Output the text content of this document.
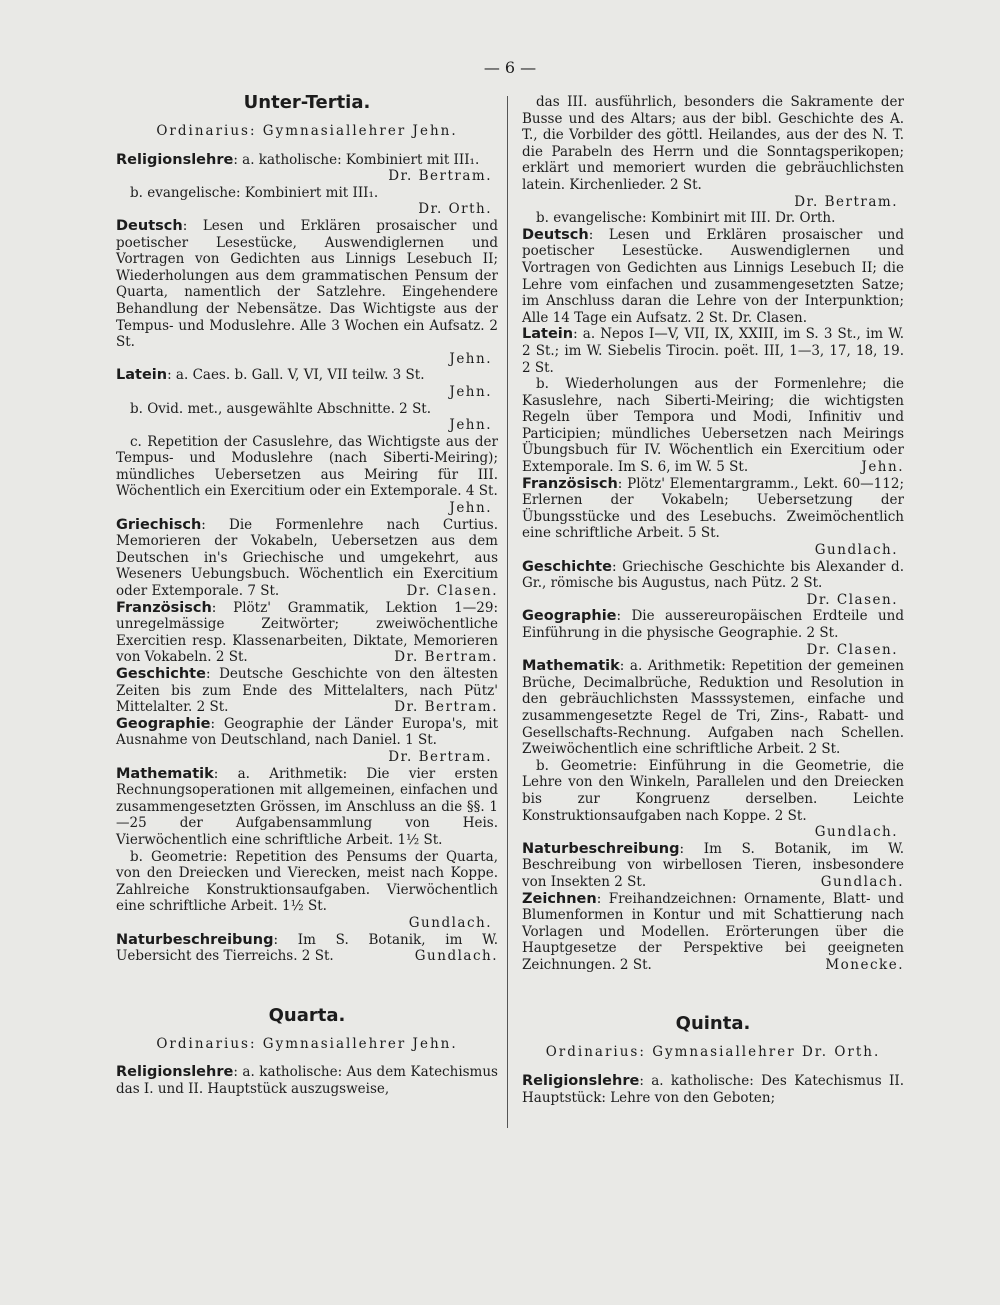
— 6 —
Unter-Tertia.
Ordinarius: Gymnasiallehrer Jehn.

Religionslehre: a. katholische: Kombiniert mit III₁.

Dr. Bertram.

b. evangelische: Kombiniert mit III₁.

Dr. Orth.

Deutsch: Lesen und Erklären prosaischer und poetischer Lesestücke, Auswendiglernen und Vortragen von Gedichten aus Linnigs Lesebuch II; Wiederholungen aus dem grammatischen Pensum der Quarta, namentlich der Satzlehre. Eingehendere Behandlung der Nebensätze. Das Wichtigste aus der Tempus- und Moduslehre. Alle 3 Wochen ein Aufsatz. 2 St.

Jehn.

Latein: a. Caes. b. Gall. V, VI, VII teilw. 3 St.

Jehn.

b. Ovid. met., ausgewählte Abschnitte. 2 St.

Jehn.

c. Repetition der Casuslehre, das Wichtigste aus der Tempus- und Moduslehre (nach Siberti-Meiring); mündliches Uebersetzen aus Meiring für III. Wöchentlich ein Exercitium oder ein Extemporale. 4 St.

Jehn.

Griechisch: Die Formenlehre nach Curtius. Memorieren der Vokabeln, Uebersetzen aus dem Deutschen in's Griechische und umgekehrt, aus Weseners Uebungsbuch. Wöchentlich ein Exercitium oder Extemporale. 7 St.	Dr. Clasen.

Französisch: Plötz' Grammatik, Lektion 1—29: unregelmässige Zeitwörter; zweiwöchentliche Exercitien resp. Klassenarbeiten, Diktate, Memorieren von Vokabeln. 2 St.	Dr. Bertram.

Geschichte: Deutsche Geschichte von den ältesten Zeiten bis zum Ende des Mittelalters, nach Pütz' Mittelalter. 2 St.	Dr. Bertram.

Geographie: Geographie der Länder Europa's, mit Ausnahme von Deutschland, nach Daniel. 1 St.

Dr. Bertram.

Mathematik: a. Arithmetik: Die vier ersten Rechnungsoperationen mit allgemeinen, einfachen und zusammengesetzten Grössen, im Anschluss an die §§. 1—25 der Aufgabensammlung von Heis. Vierwöchentlich eine schriftliche Arbeit. 1½ St.

b. Geometrie: Repetition des Pensums der Quarta, von den Dreiecken und Vierecken, meist nach Koppe. Zahlreiche Konstruktionsaufgaben. Vierwöchentlich eine schriftliche Arbeit. 1½ St.

Gundlach.

Naturbeschreibung: Im S. Botanik, im W. Uebersicht des Tierreichs. 2 St.	Gundlach.

Quarta.
Ordinarius: Gymnasiallehrer Jehn.

Religionslehre: a. katholische: Aus dem Katechismus das I. und II. Hauptstück auszugsweise,

das III. ausführlich, besonders die Sakramente der Busse und des Altars; aus der bibl. Geschichte des A. T., die Vorbilder des göttl. Heilandes, aus der des N. T. die Parabeln des Herrn und die Sonntagsperikopen; erklärt und memoriert wurden die gebräuchlichsten latein. Kirchenlieder. 2 St.

Dr. Bertram.

b. evangelische: Kombinirt mit III. Dr. Orth.

Deutsch: Lesen und Erklären prosaischer und poetischer Lesestücke. Auswendiglernen und Vortragen von Gedichten aus Linnigs Lesebuch II; die Lehre vom einfachen und zusammengesetzten Satze; im Anschluss daran die Lehre von der Interpunktion; Alle 14 Tage ein Aufsatz. 2 St. Dr. Clasen.

Latein: a. Nepos I—V, VII, IX, XXIII, im S. 3 St., im W. 2 St.; im W. Siebelis Tirocin. poët. III, 1—3, 17, 18, 19. 2 St.

b. Wiederholungen aus der Formenlehre; die Kasuslehre, nach Siberti-Meiring; die wichtigsten Regeln über Tempora und Modi, Infinitiv und Participien; mündliches Uebersetzen nach Meirings Übungsbuch für IV. Wöchentlich ein Exercitium oder Extemporale. Im S. 6, im W. 5 St.	Jehn.

Französisch: Plötz' Elementargramm., Lekt. 60—112; Erlernen der Vokabeln; Uebersetzung der Übungsstücke und des Lesebuchs. Zweimöchentlich eine schriftliche Arbeit. 5 St.

Gundlach.

Geschichte: Griechische Geschichte bis Alexander d. Gr., römische bis Augustus, nach Pütz. 2 St.

Dr. Clasen.

Geographie: Die aussereuropäischen Erdteile und Einführung in die physische Geographie. 2 St.

Dr. Clasen.

Mathematik: a. Arithmetik: Repetition der gemeinen Brüche, Decimalbrüche, Reduktion und Resolution in den gebräuchlichsten Masssystemen, einfache und zusammengesetzte Regel de Tri, Zins-, Rabatt- und Gesellschafts-Rechnung. Aufgaben nach Schellen. Zweiwöchentlich eine schriftliche Arbeit. 2 St.

b. Geometrie: Einführung in die Geometrie, die Lehre von den Winkeln, Parallelen und den Dreiecken bis zur Kongruenz derselben. Leichte Konstruktionsaufgaben nach Koppe. 2 St.

Gundlach.

Naturbeschreibung: Im S. Botanik, im W. Beschreibung von wirbellosen Tieren, insbesondere von Insekten 2 St.	Gundlach.

Zeichnen: Freihandzeichnen: Ornamente, Blatt- und Blumenformen in Kontur und mit Schattierung nach Vorlagen und Modellen. Erörterungen über die Hauptgesetze der Perspektive bei geeigneten Zeichnungen. 2 St.	Monecke.

Quinta.
Ordinarius: Gymnasiallehrer Dr. Orth.

Religionslehre: a. katholische: Des Katechismus II. Hauptstück: Lehre von den Geboten;
